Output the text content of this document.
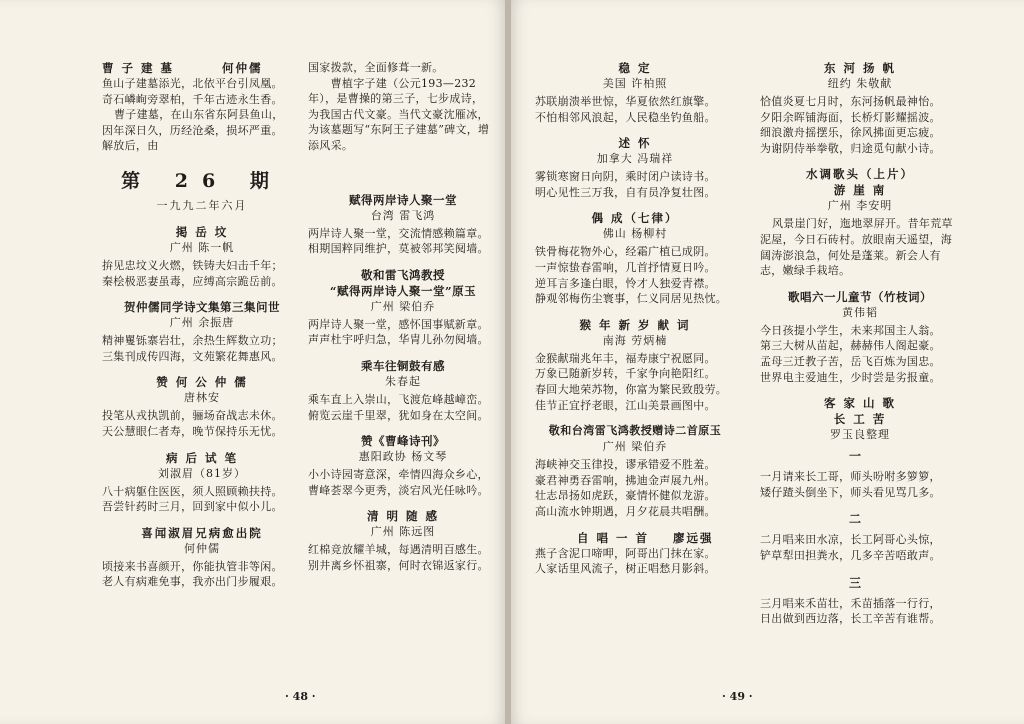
曹 子 建 墓        何仲儒
鱼山子建墓添光，北依平台引凤凰。
奇石嶙峋旁翠柏，千年古迹永生香。
曹子建墓，在山东省东阿县鱼山，因年深日久，历经沧桑，损坏严重。解放后，由
第 26 期
一九九二年六月
掲 岳 坟
广州 陈一帆
拚见忠坟义火燃，铁铸夫妇击千年；
秦桧极恶妻虽毒，应缚高宗跪岳前。
贺仲儒同学诗文集第三集问世
广州 余振唐
精神矍铄寨岩壮，余热生辉数立功；
三集刊成传四海，文苑繁花舞惠风。
赞 何 公 仲 儒
唐林安
投笔从戎执凯前，骊场奋战志未休。
天公慧眼仁者寿，晚节保持乐无忧。
病 后 试 笔
刘淑眉（81岁）
八十病躯住医医，须人照顾赖扶持。
吾尝针药时三月，回到家中似小儿。
喜闻淑眉兄病愈出院
何仲儒
顷接来书喜颜开，你能执管非等闲。
老人有病难免事，我亦出门步履艰。
国家拨款，全面修葺一新。
　　曹植字子建（公元193—232年），是曹操的第三子，七步成诗，为我国古代文豪。当代文豪沈雁冰，为该墓题写“东阿王子建墓”碑文，增添风采。
赋得两岸诗人聚一堂
台湾 雷飞鸿
两岸诗人聚一堂，交流情感赖篇章。
相期国粹同维护，莫被邻邦笑阋墙。
敬和雷飞鸿教授
“赋得两岸诗人聚一堂”原玉
广州 梁伯乔
两岸诗人聚一堂，感怀国事赋新章。
声声杜宇呼归急，华胄儿孙勿阋墙。
乘车往铜鼓有感
朱春起
乘车直上入崇山，飞渡危峰越嶂峦。
俯览云崖千里翠，犹如身在太空间。
赞《曹峰诗刊》
惠阳政协 杨文琴
小小诗园寄意深，牵情四海众乡心，
曹峰荟翠今更秀，淡宕风光任咏吟。
清 明 随 感
广州 陈远图
红棉竞放耀羊城，每遇清明百感生。
别井离乡怀祖寨，何时衣锦返家行。
· 48 ·
稳 定
美国 许柏照
苏联崩溃举世惊，华夏依然红旗擎。
不怕相邻风浪起，人民稳坐钓鱼船。
述 怀
加拿大 冯瑞祥
雾锁寒窗日向阴，乘时闭户读诗书。
明心见性三万我，自有员净复壮图。
偶 成（七律）
佛山 杨柳村
铁骨梅花物外心，经霜广植已成阴。
一声惊蛰春雷响，几首抒情夏日吟。
逆耳言多逢白眼，怜才人独爱青襟。
静观邻梅伤尘寰事，仁义同居见热忱。
猴 年 新 岁 献 词
南海 劳炳楠
金猴献瑞兆年丰，福寿康宁祝愿同。
万象已随新岁转，千家争向艳阳红。
春回大地荣苏物，你富为繁民致殷劳。
佳节正宜抒老眼，江山美景画图中。
敬和台湾雷飞鸿教授赠诗二首原玉
广州 梁伯乔
海峡神交玉律投，谬承错爱不胜羞。
豪君神勇吞雷响，拂迪金声展九州。
壮志昂扬如虎跃，豪情怀健似龙游。
高山流水钟期遇，月夕花晨共唱酬。
自 唱 一 首    廖远强
燕子含泥口啼呷，阿哥出门抹在家。
人家话里风流子，树正唱愁月影斜。
东 河 扬 帆
纽约 朱敬献
恰值炎夏七月时，东河扬帆最神怡。
夕阳余晖铺海面，长桥灯影耀摇波。
细浪激舟摇摆乐，徐风拂面更忘疲。
为谢阴侍举拳敬，归途觅句献小诗。
水调歌头（上片）
游 崖 南
广州 李安明
风景崖门好，迤地翠屏开。昔年荒草泥屋，今日石砖村。放眼南天遥望，海阔涛澎浪急，何处是蓬莱。新会人有志，嫩绿手栽培。
歌唱六一儿童节（竹枝词）
黄伟韬
今日孩提小学生，未来邦国主人翁。
第三大树从苗起，赫赫伟人阁起豪。
孟母三迁教子苦，岳飞百炼为国忠。
世界电主爱迪生，少时尝是劣报童。
客 家 山 歌
长 工 苦
罗玉良整理
一
一月请来长工哥，师头吩咐多箩箩，
矮仔蹅头倒坐下，师头看见骂几多。
二
二月唱来田水凉，长工阿哥心头惊，
铲草犁田担粪水，几多辛苦唔敢声。
三
三月唱来禾苗壮，禾苗插落一行行，
日出做到西边落，长工辛苦有谁帮。
· 49 ·
